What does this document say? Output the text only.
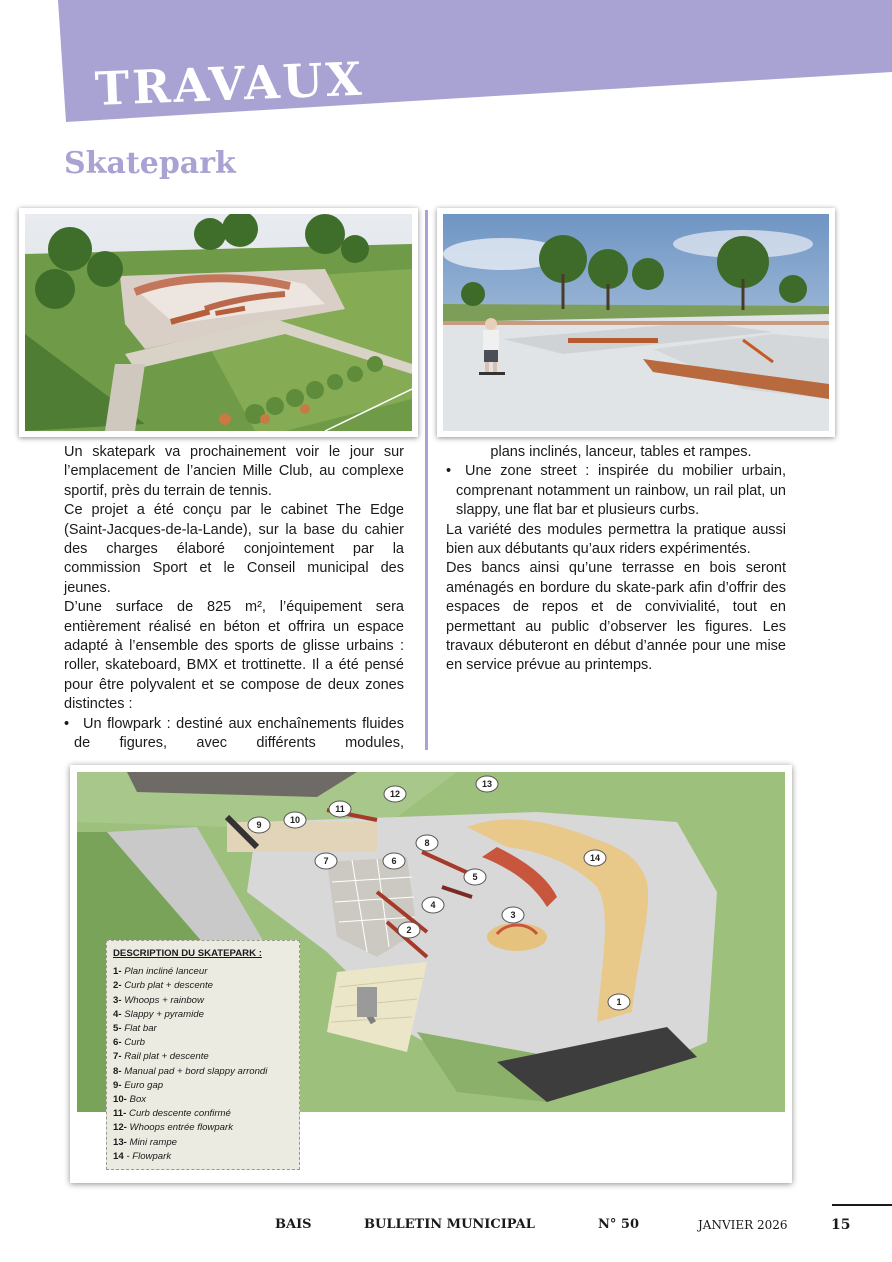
TRAVAUX
Skatepark

Un skatepark va prochainement voir le jour sur l’emplacement de l’ancien Mille Club, au complexe sportif, près du terrain de tennis.

Ce projet a été conçu par le cabinet The Edge (Saint-Jacques-de-la-Lande), sur la base du cahier des charges élaboré conjointement par la commission Sport et le Conseil municipal des jeunes.

D’une surface de 825 m², l’équipement sera entièrement réalisé en béton et offrira un espace adapté à l’ensemble des sports de glisse urbains : roller, skateboard, BMX et trottinette. Il a été pensé pour être polyvalent et se compose de deux zones distinctes :

• Un flowpark : destiné aux enchaînements fluides de figures, avec différents modules,

plans inclinés, lanceur, tables et rampes.

• Une zone street : inspirée du mobilier urbain, comprenant notamment un rainbow, un rail plat, un slappy, une flat bar et plusieurs curbs.

La variété des modules permettra la pratique aussi bien aux débutants qu’aux riders expérimentés.

Des bancs ainsi qu’une terrasse en bois seront aménagés en bordure du skate-park afin d’offrir des espaces de repos et de convivialité, tout en permettant au public d’observer les figures. Les travaux débuteront en début d’année pour une mise en service prévue au printemps.

1
2
3
4
5
6
7
8
9	10
11
12
13
14
DESCRIPTION DU SKATEPARK :
1- Plan incliné lanceur
2- Curb plat + descente
3- Whoops + rainbow
4- Slappy + pyramide
5- Flat bar
6- Curb
7- Rail plat + descente
8- Manual pad + bord slappy arrondi
9- Euro gap
10- Box
11- Curb descente confirmé
12- Whoops entrée flowpark
13- Mini rampe
14 - Flowpark
BAIS	BULLETIN MUNICIPAL	N° 50	JANVIER 2026	15
